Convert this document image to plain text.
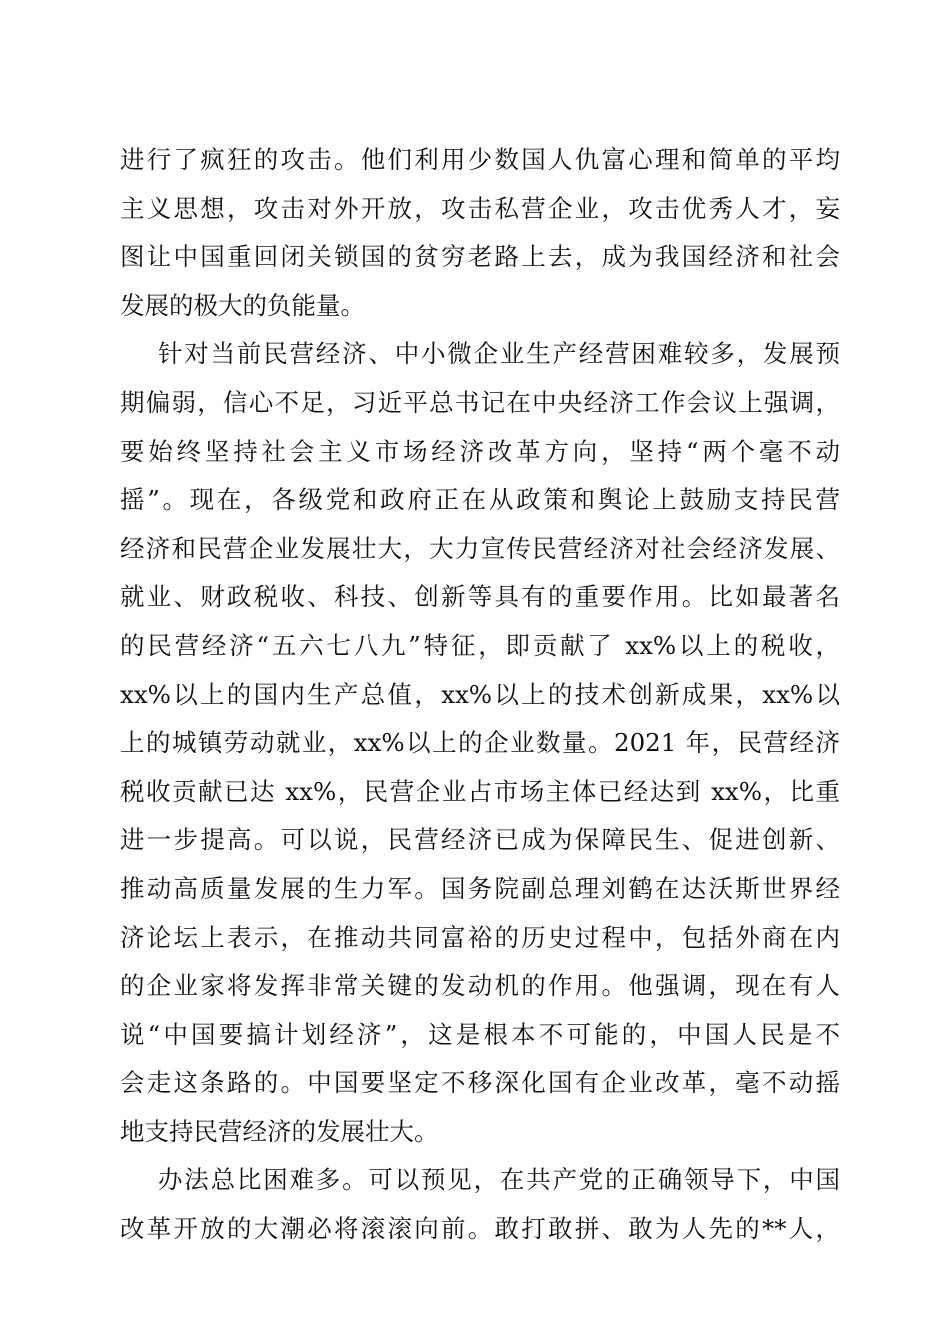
进行了疯狂的攻击。他们利用少数国人仇富心理和简单的平均
主义思想，攻击对外开放，攻击私营企业，攻击优秀人才，妄
图让中国重回闭关锁国的贫穷老路上去，成为我国经济和社会
发展的极大的负能量。
针对当前民营经济、中小微企业生产经营困难较多，发展预
期偏弱，信心不足，习近平总书记在中央经济工作会议上强调，
要始终坚持社会主义市场经济改革方向，坚持“两个毫不动
摇”。现在，各级党和政府正在从政策和舆论上鼓励支持民营
经济和民营企业发展壮大，大力宣传民营经济对社会经济发展、
就业、财政税收、科技、创新等具有的重要作用。比如最著名
的民营经济“五六七八九”特征，即贡献了 xx%以上的税收，
xx%以上的国内生产总值，xx%以上的技术创新成果，xx%以
上的城镇劳动就业，xx%以上的企业数量。2021 年，民营经济
税收贡献已达 xx%，民营企业占市场主体已经达到 xx%，比重
进一步提高。可以说，民营经济已成为保障民生、促进创新、
推动高质量发展的生力军。国务院副总理刘鹤在达沃斯世界经
济论坛上表示，在推动共同富裕的历史过程中，包括外商在内
的企业家将发挥非常关键的发动机的作用。他强调，现在有人
说“中国要搞计划经济”，这是根本不可能的，中国人民是不
会走这条路的。中国要坚定不移深化国有企业改革，毫不动摇
地支持民营经济的发展壮大。
办法总比困难多。可以预见，在共产党的正确领导下，中国
改革开放的大潮必将滚滚向前。敢打敢拼、敢为人先的**人，
